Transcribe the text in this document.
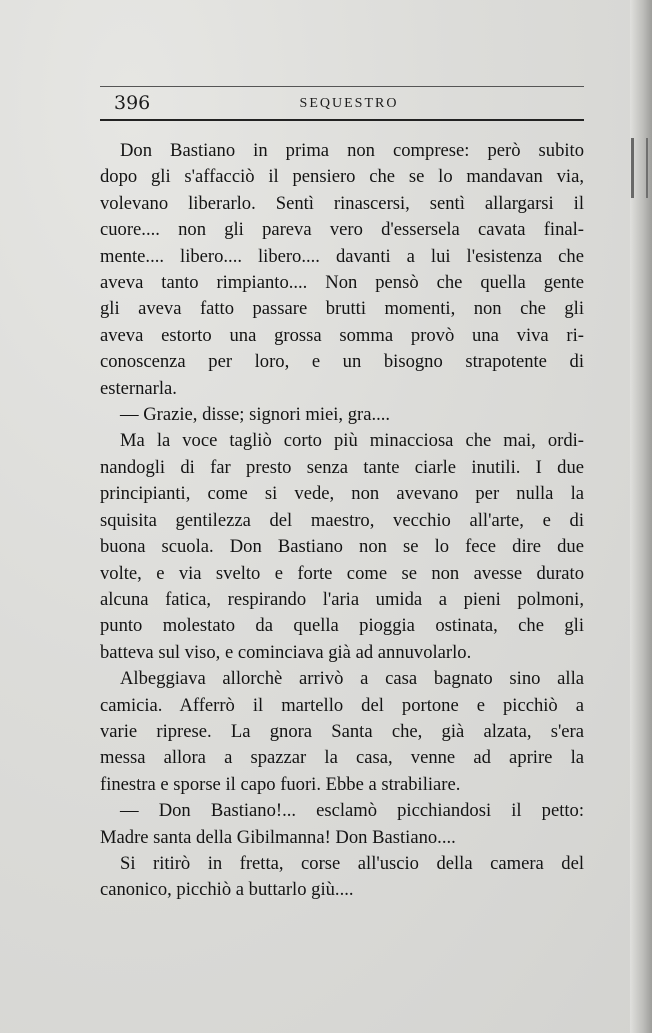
396	SEQUESTRO

Don Bastiano in prima non comprese: però subito
dopo gli s'affacciò il pensiero che se lo mandavan via,
volevano liberarlo. Sentì rinascersi, sentì allargarsi il
cuore.... non gli pareva vero d'essersela cavata final-
mente.... libero.... libero.... davanti a lui l'esistenza che
aveva tanto rimpianto.... Non pensò che quella gente
gli aveva fatto passare brutti momenti, non che gli
aveva estorto una grossa somma provò una viva ri-
conoscenza per loro, e un bisogno strapotente di
esternarla.

— Grazie, disse; signori miei, gra....

Ma la voce tagliò corto più minacciosa che mai, ordi-
nandogli di far presto senza tante ciarle inutili. I due
principianti, come si vede, non avevano per nulla la
squisita gentilezza del maestro, vecchio all'arte, e di
buona scuola. Don Bastiano non se lo fece dire due
volte, e via svelto e forte come se non avesse durato
alcuna fatica, respirando l'aria umida a pieni polmoni,
punto molestato da quella pioggia ostinata, che gli
batteva sul viso, e cominciava già ad annuvolarlo.

Albeggiava allorchè arrivò a casa bagnato sino alla
camicia. Afferrò il martello del portone e picchiò a
varie riprese. La gnora Santa che, già alzata, s'era
messa allora a spazzar la casa, venne ad aprire la
finestra e sporse il capo fuori. Ebbe a strabiliare.

— Don Bastiano!... esclamò picchiandosi il petto:
Madre santa della Gibilmanna! Don Bastiano....

Si ritirò in fretta, corse all'uscio della camera del
canonico, picchiò a buttarlo giù....
